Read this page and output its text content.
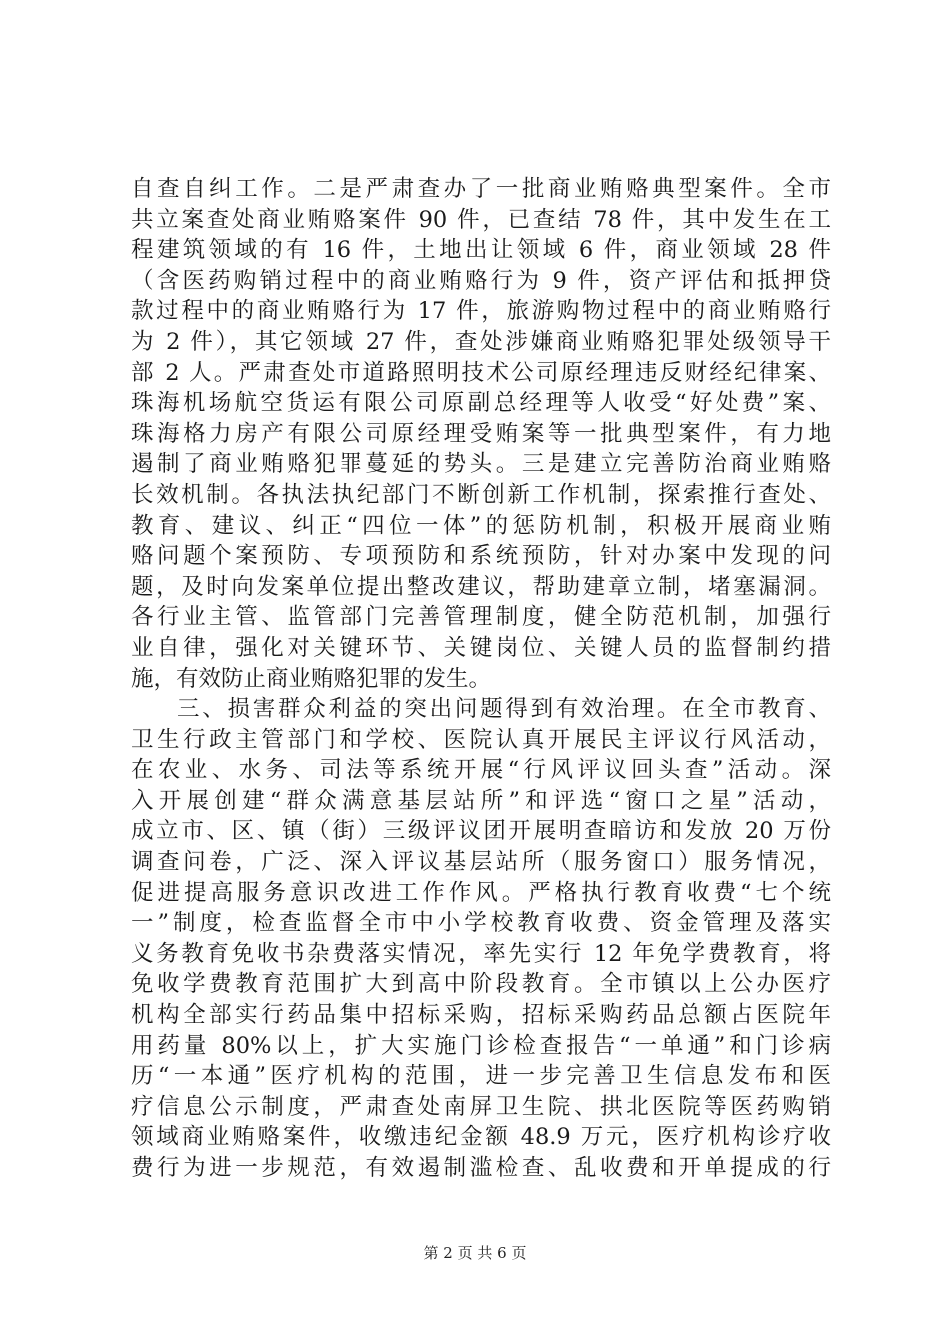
自查自纠工作。二是严肃查办了一批商业贿赂典型案件。全市
共立案查处商业贿赂案件 90 件，已查结 78 件，其中发生在工
程建筑领域的有 16 件，土地出让领域 6 件，商业领域 28 件
（含医药购销过程中的商业贿赂行为 9 件，资产评估和抵押贷
款过程中的商业贿赂行为 17 件，旅游购物过程中的商业贿赂行
为 2 件），其它领域 27 件，查处涉嫌商业贿赂犯罪处级领导干
部 2 人。严肃查处市道路照明技术公司原经理违反财经纪律案、
珠海机场航空货运有限公司原副总经理等人收受“好处费”案、
珠海格力房产有限公司原经理受贿案等一批典型案件，有力地
遏制了商业贿赂犯罪蔓延的势头。三是建立完善防治商业贿赂
长效机制。各执法执纪部门不断创新工作机制，探索推行查处、
教育、建议、纠正“四位一体”的惩防机制，积极开展商业贿
赂问题个案预防、专项预防和系统预防，针对办案中发现的问
题，及时向发案单位提出整改建议，帮助建章立制，堵塞漏洞。
各行业主管、监管部门完善管理制度，健全防范机制，加强行
业自律，强化对关键环节、关键岗位、关键人员的监督制约措
施，有效防止商业贿赂犯罪的发生。
三、损害群众利益的突出问题得到有效治理。在全市教育、
卫生行政主管部门和学校、医院认真开展民主评议行风活动，
在农业、水务、司法等系统开展“行风评议回头查”活动。深
入开展创建“群众满意基层站所”和评选“窗口之星”活动，
成立市、区、镇（街）三级评议团开展明查暗访和发放 20 万份
调查问卷，广泛、深入评议基层站所（服务窗口）服务情况，
促进提高服务意识改进工作作风。严格执行教育收费“七个统
一”制度，检查监督全市中小学校教育收费、资金管理及落实
义务教育免收书杂费落实情况，率先实行 12 年免学费教育，将
免收学费教育范围扩大到高中阶段教育。全市镇以上公办医疗
机构全部实行药品集中招标采购，招标采购药品总额占医院年
用药量 80%以上，扩大实施门诊检查报告“一单通”和门诊病
历“一本通”医疗机构的范围，进一步完善卫生信息发布和医
疗信息公示制度，严肃查处南屏卫生院、拱北医院等医药购销
领域商业贿赂案件，收缴违纪金额 48.9 万元，医疗机构诊疗收
费行为进一步规范，有效遏制滥检查、乱收费和开单提成的行
第 2 页 共 6 页
